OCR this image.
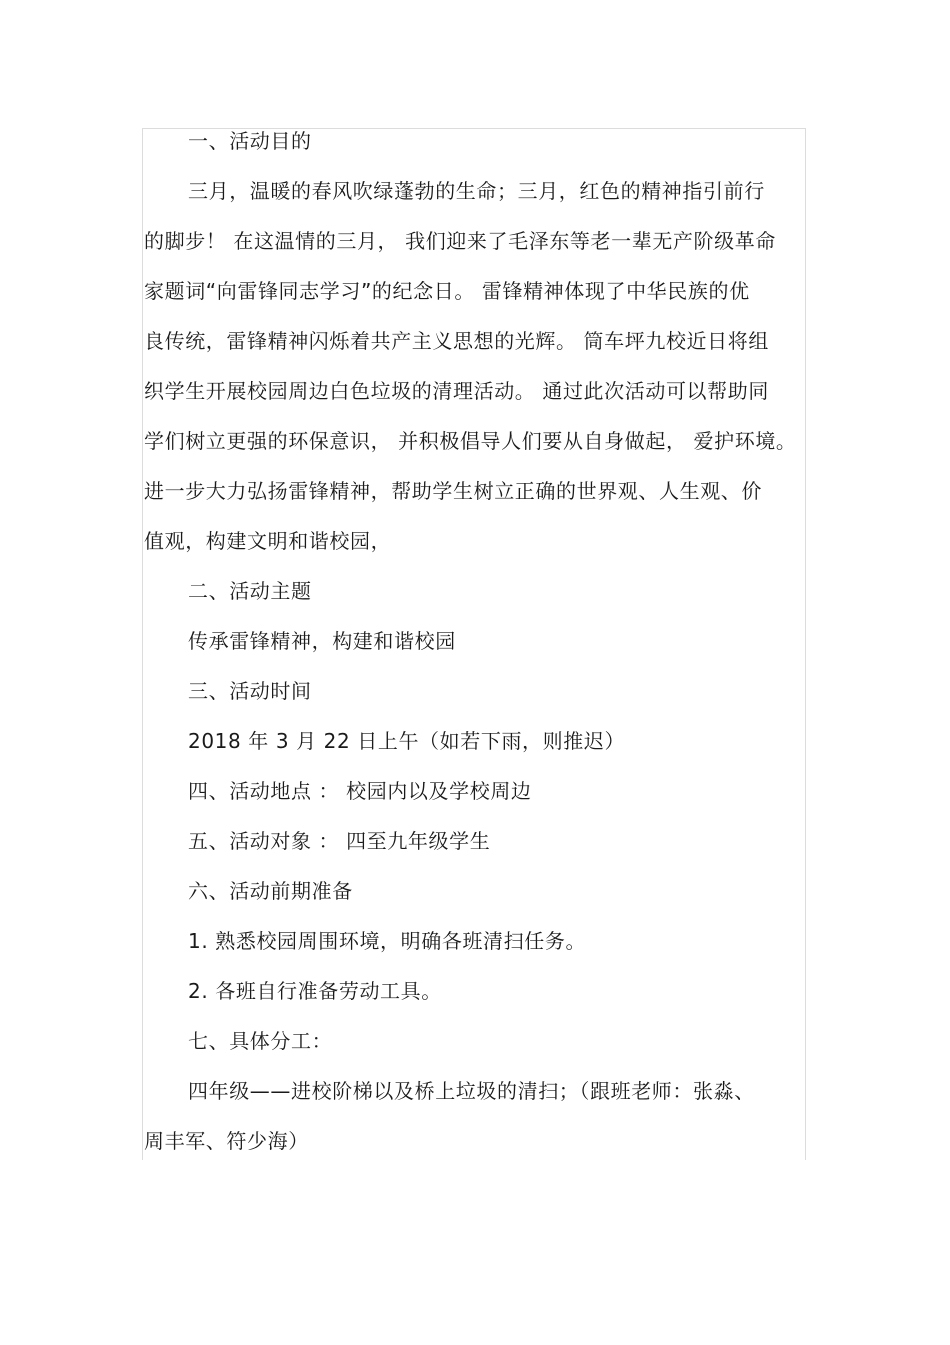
一、活动目的
三月，温暖的春风吹绿蓬勃的生命；三月，红色的精神指引前行
的脚步！ 在这温情的三月， 我们迎来了毛泽东等老一辈无产阶级革命
家题词“向雷锋同志学习”的纪念日。 雷锋精神体现了中华民族的优
良传统，雷锋精神闪烁着共产主义思想的光辉。 筒车坪九校近日将组
织学生开展校园周边白色垃圾的清理活动。 通过此次活动可以帮助同
学们树立更强的环保意识， 并积极倡导人们要从自身做起， 爱护环境。
进一步大力弘扬雷锋精神，帮助学生树立正确的世界观、人生观、价
值观，构建文明和谐校园，
二、活动主题
传承雷锋精神，构建和谐校园
三、活动时间
2018 年 3 月 22 日上午（如若下雨，则推迟）
四、活动地点 ： 校园内以及学校周边
五、活动对象 ： 四至九年级学生
六、活动前期准备
1. 熟悉校园周围环境，明确各班清扫任务。
2. 各班自行准备劳动工具。
七、具体分工：
四年级——进校阶梯以及桥上垃圾的清扫；（跟班老师：张淼、
周丰军、符少海）
